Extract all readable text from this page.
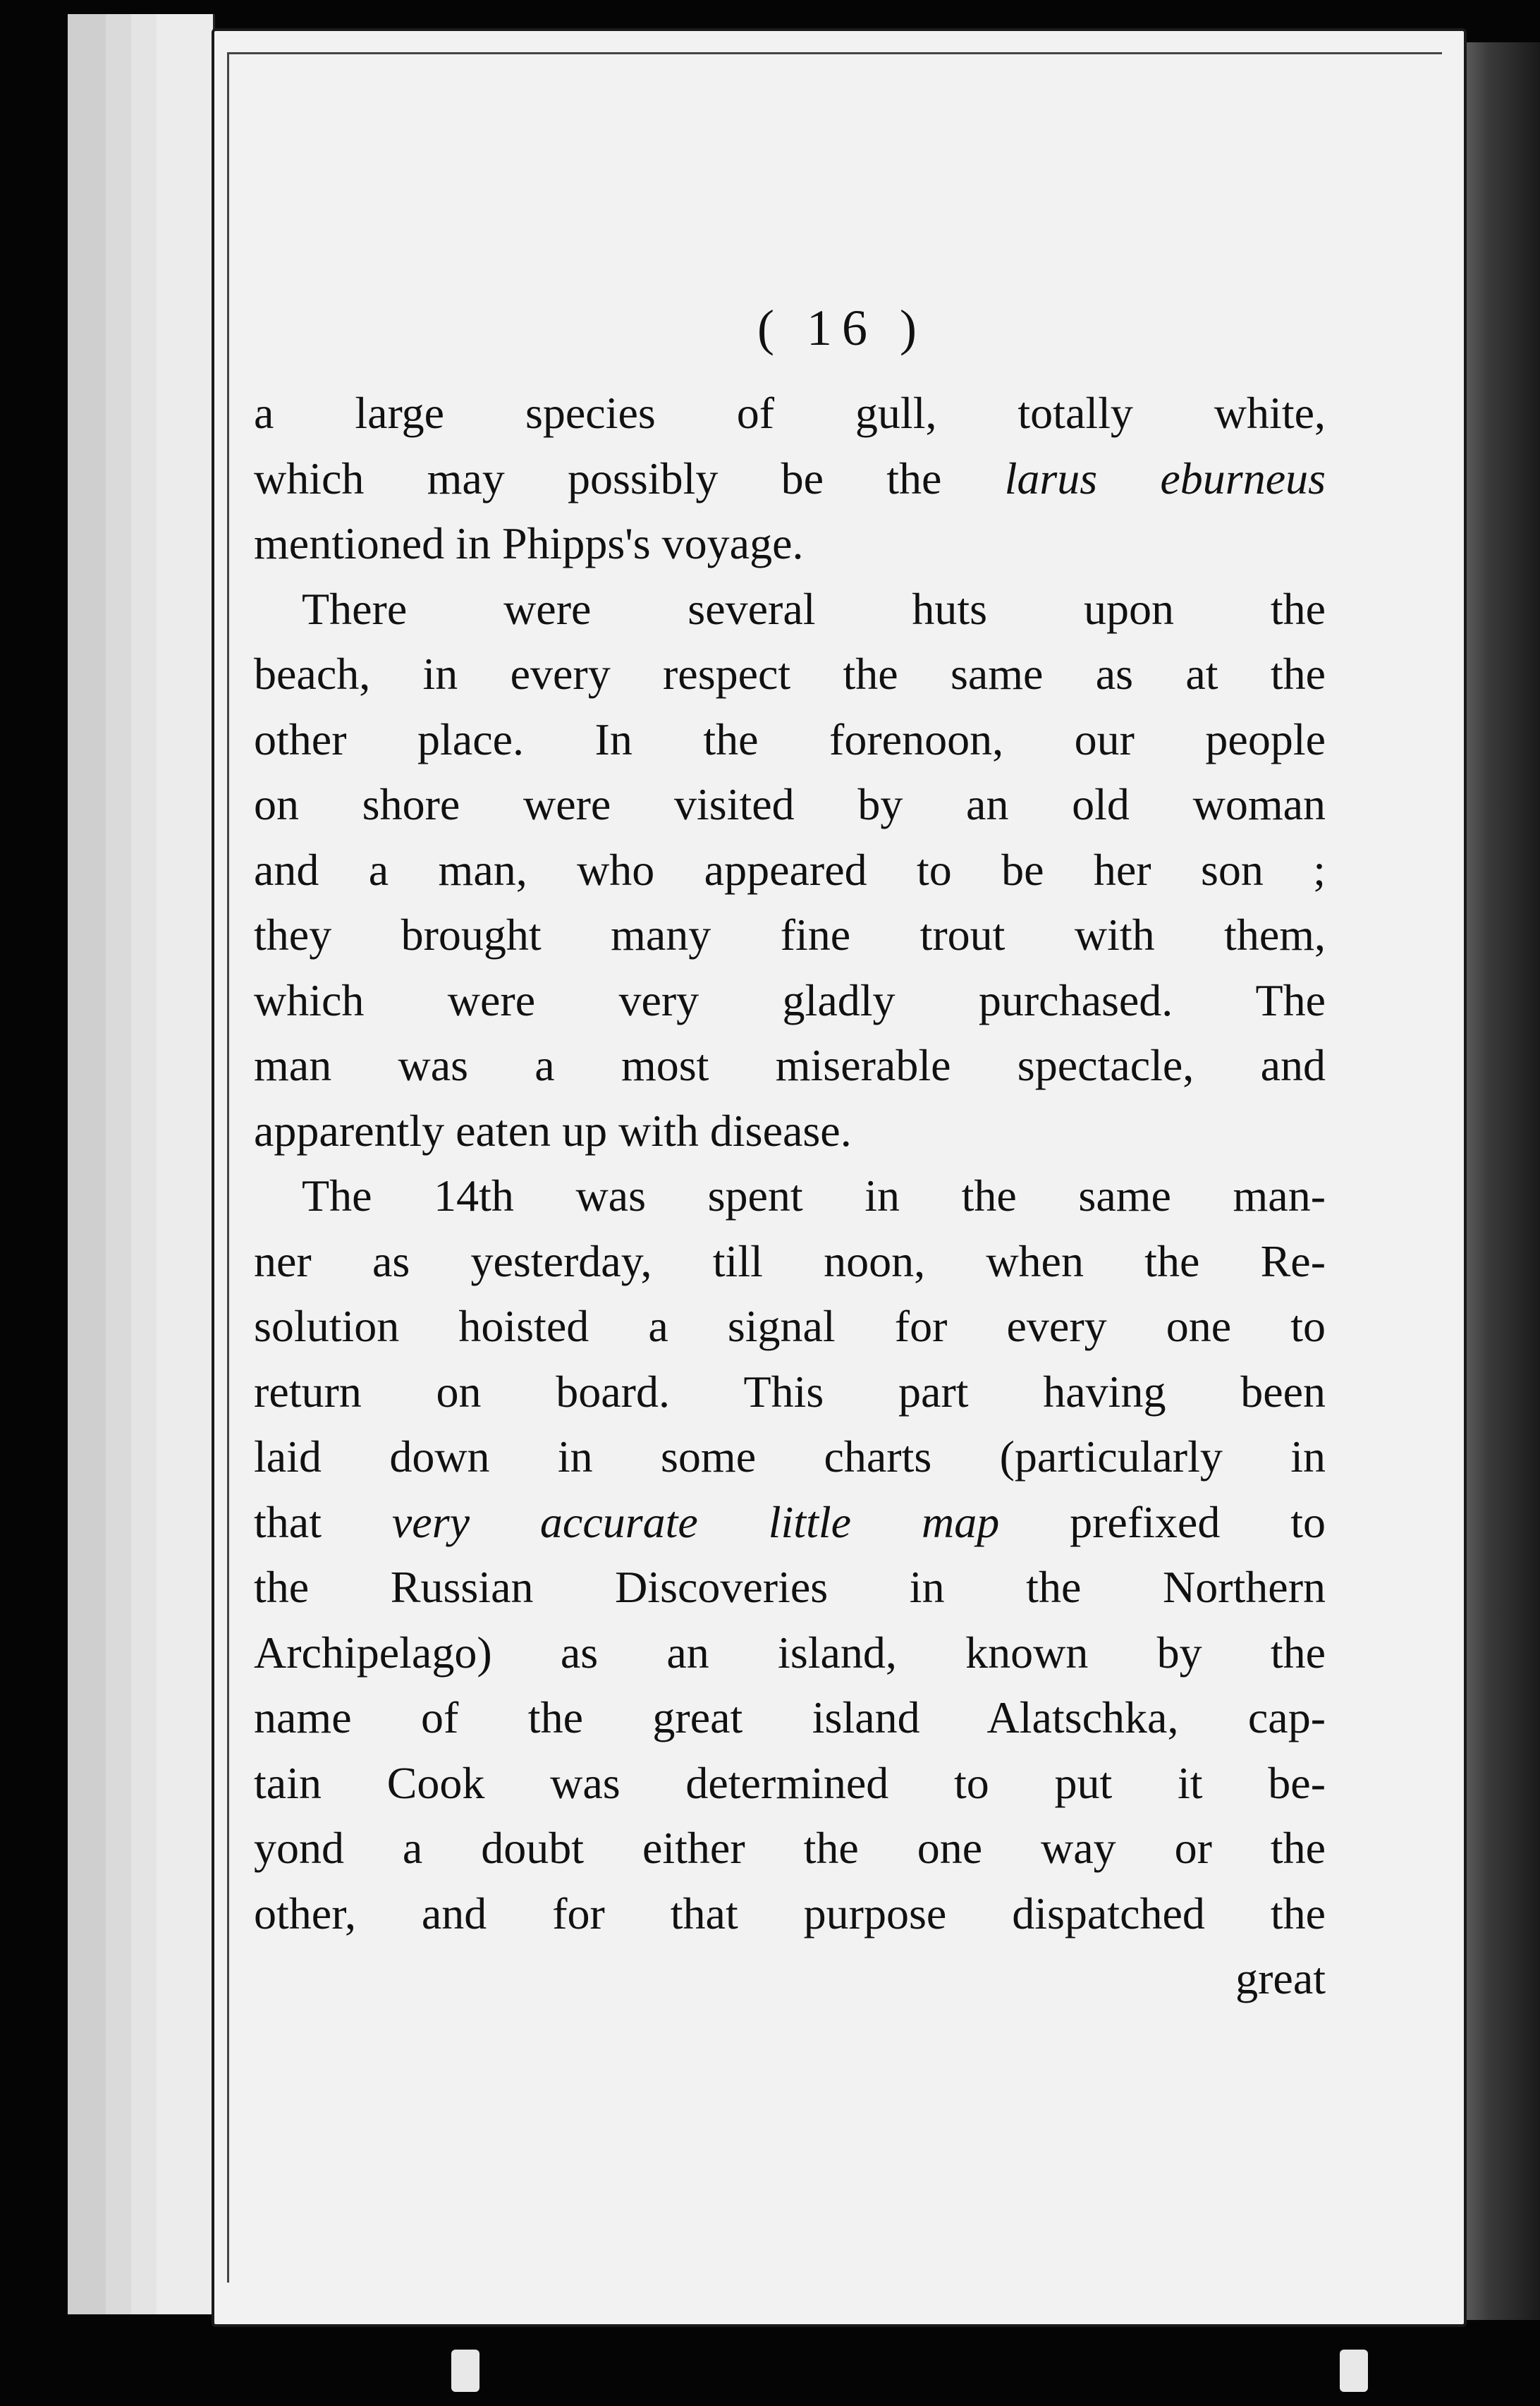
( 16 )
a large species of gull, totally white,
which may possibly be the larus eburneus
mentioned in Phipps's voyage.
There were several huts upon the
beach, in every respect the same as at the
other place. In the forenoon, our people
on shore were visited by an old woman
and a man, who appeared to be her son ;
they brought many fine trout with them,
which were very gladly purchased. The
man was a most miserable spectacle, and
apparently eaten up with disease.
The 14th was spent in the same man-
ner as yesterday, till noon, when the Re-
solution hoisted a signal for every one to
return on board. This part having been
laid down in some charts (particularly in
that very accurate little map prefixed to
the Russian Discoveries in the Northern
Archipelago) as an island, known by the
name of the great island Alatschka, cap-
tain Cook was determined to put it be-
yond a doubt either the one way or the
other, and for that purpose dispatched the
great
